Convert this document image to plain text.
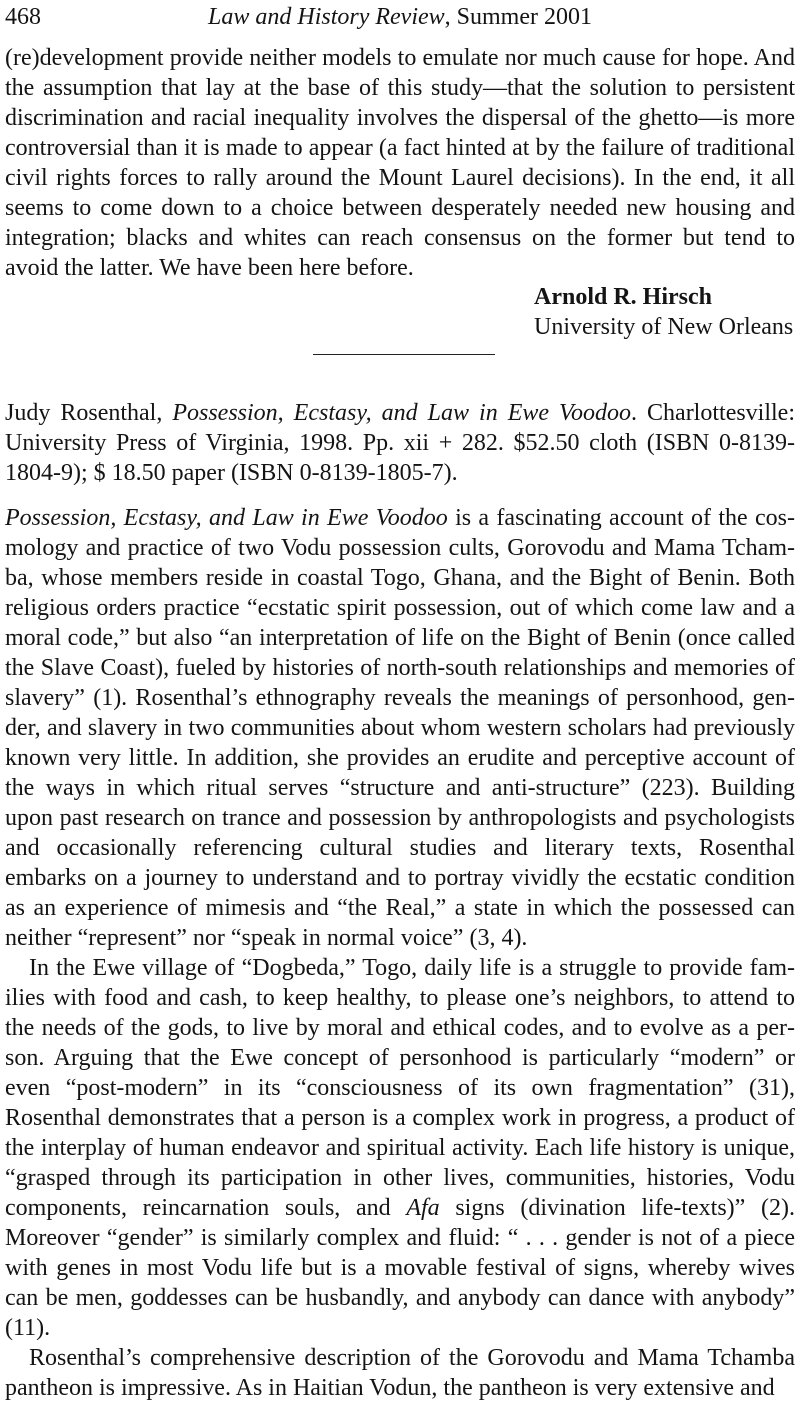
468	Law and History Review, Summer 2001

(re)development provide neither models to emulate nor much cause for hope. And the assumption that lay at the base of this study—that the solution to persistent discrimination and racial inequality involves the dispersal of the ghetto—is more controversial than it is made to appear (a fact hinted at by the failure of traditional civil rights forces to rally around the Mount Laurel decisions). In the end, it all seems to come down to a choice between desperately needed new housing and integration; blacks and whites can reach consensus on the former but tend to avoid the latter. We have been here before.

Arnold R. Hirsch
University of New Orleans

Judy Rosenthal, Possession, Ecstasy, and Law in Ewe Voodoo. Charlottesville: University Press of Virginia, 1998. Pp. xii + 282. $52.50 cloth (ISBN 0-8139-1804-9); $ 18.50 paper (ISBN 0-8139-1805-7).

Possession, Ecstasy, and Law in Ewe Voodoo is a fascinating account of the cosmology and practice of two Vodu possession cults, Gorovodu and Mama Tchamba, whose members reside in coastal Togo, Ghana, and the Bight of Benin. Both religious orders practice “ecstatic spirit possession, out of which come law and a moral code,” but also “an interpretation of life on the Bight of Benin (once called the Slave Coast), fueled by histories of north-south relationships and memories of slavery” (1). Rosenthal’s ethnography reveals the meanings of personhood, gender, and slavery in two communities about whom western scholars had previously known very little. In addition, she provides an erudite and perceptive account of the ways in which ritual serves “structure and anti-structure” (223). Building upon past research on trance and possession by anthropologists and psychologists and occasionally referencing cultural studies and literary texts, Rosenthal embarks on a journey to understand and to portray vividly the ecstatic condition as an experience of mimesis and “the Real,” a state in which the possessed can neither “represent” nor “speak in normal voice” (3, 4).

In the Ewe village of “Dogbeda,” Togo, daily life is a struggle to provide families with food and cash, to keep healthy, to please one’s neighbors, to attend to the needs of the gods, to live by moral and ethical codes, and to evolve as a person. Arguing that the Ewe concept of personhood is particularly “modern” or even “post-modern” in its “consciousness of its own fragmentation” (31), Rosenthal demonstrates that a person is a complex work in progress, a product of the interplay of human endeavor and spiritual activity. Each life history is unique, “grasped through its participation in other lives, communities, histories, Vodu components, reincarnation souls, and Afa signs (divination life-texts)” (2). Moreover “gender” is similarly complex and fluid: “ . . . gender is not of a piece with genes in most Vodu life but is a movable festival of signs, whereby wives can be men, goddesses can be husbandly, and anybody can dance with anybody” (11).

Rosenthal’s comprehensive description of the Gorovodu and Mama Tchamba pantheon is impressive. As in Haitian Vodun, the pantheon is very extensive and
